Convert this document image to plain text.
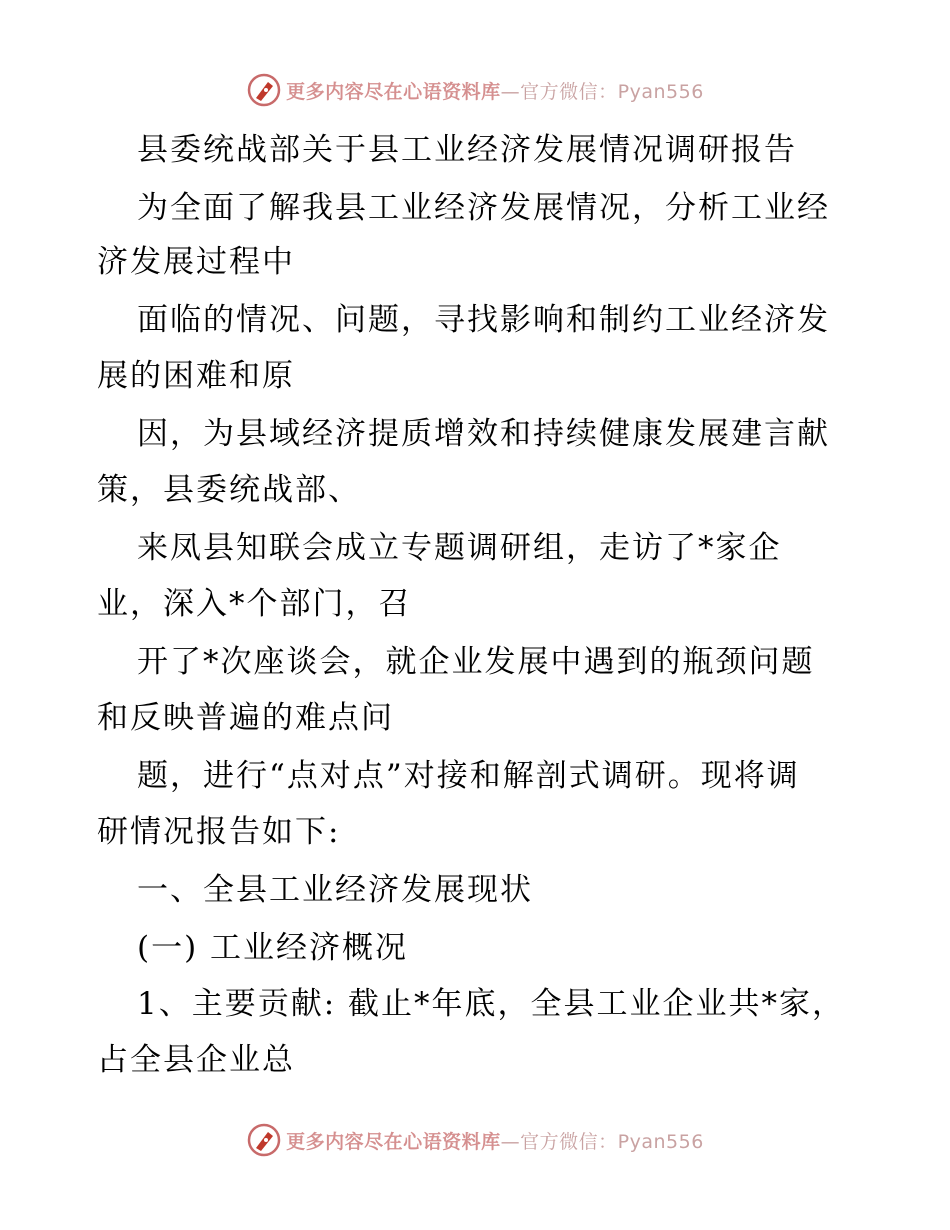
更多内容尽在心语资料库—官方微信：Pyan556
县委统战部关于县工业经济发展情况调研报告
为全面了解我县工业经济发展情况，分析工业经
济发展过程中
面临的情况、问题，寻找影响和制约工业经济发
展的困难和原
因，为县域经济提质增效和持续健康发展建言献
策，县委统战部、
来凤县知联会成立专题调研组，走访了*家企
业，深入*个部门，召
开了*次座谈会，就企业发展中遇到的瓶颈问题
和反映普遍的难点问
题，进行“点对点”对接和解剖式调研。现将调
研情况报告如下:
一、全县工业经济发展现状
(一) 工业经济概况
1、主要贡献: 截止*年底，全县工业企业共*家，
占全县企业总
更多内容尽在心语资料库—官方微信：Pyan556
